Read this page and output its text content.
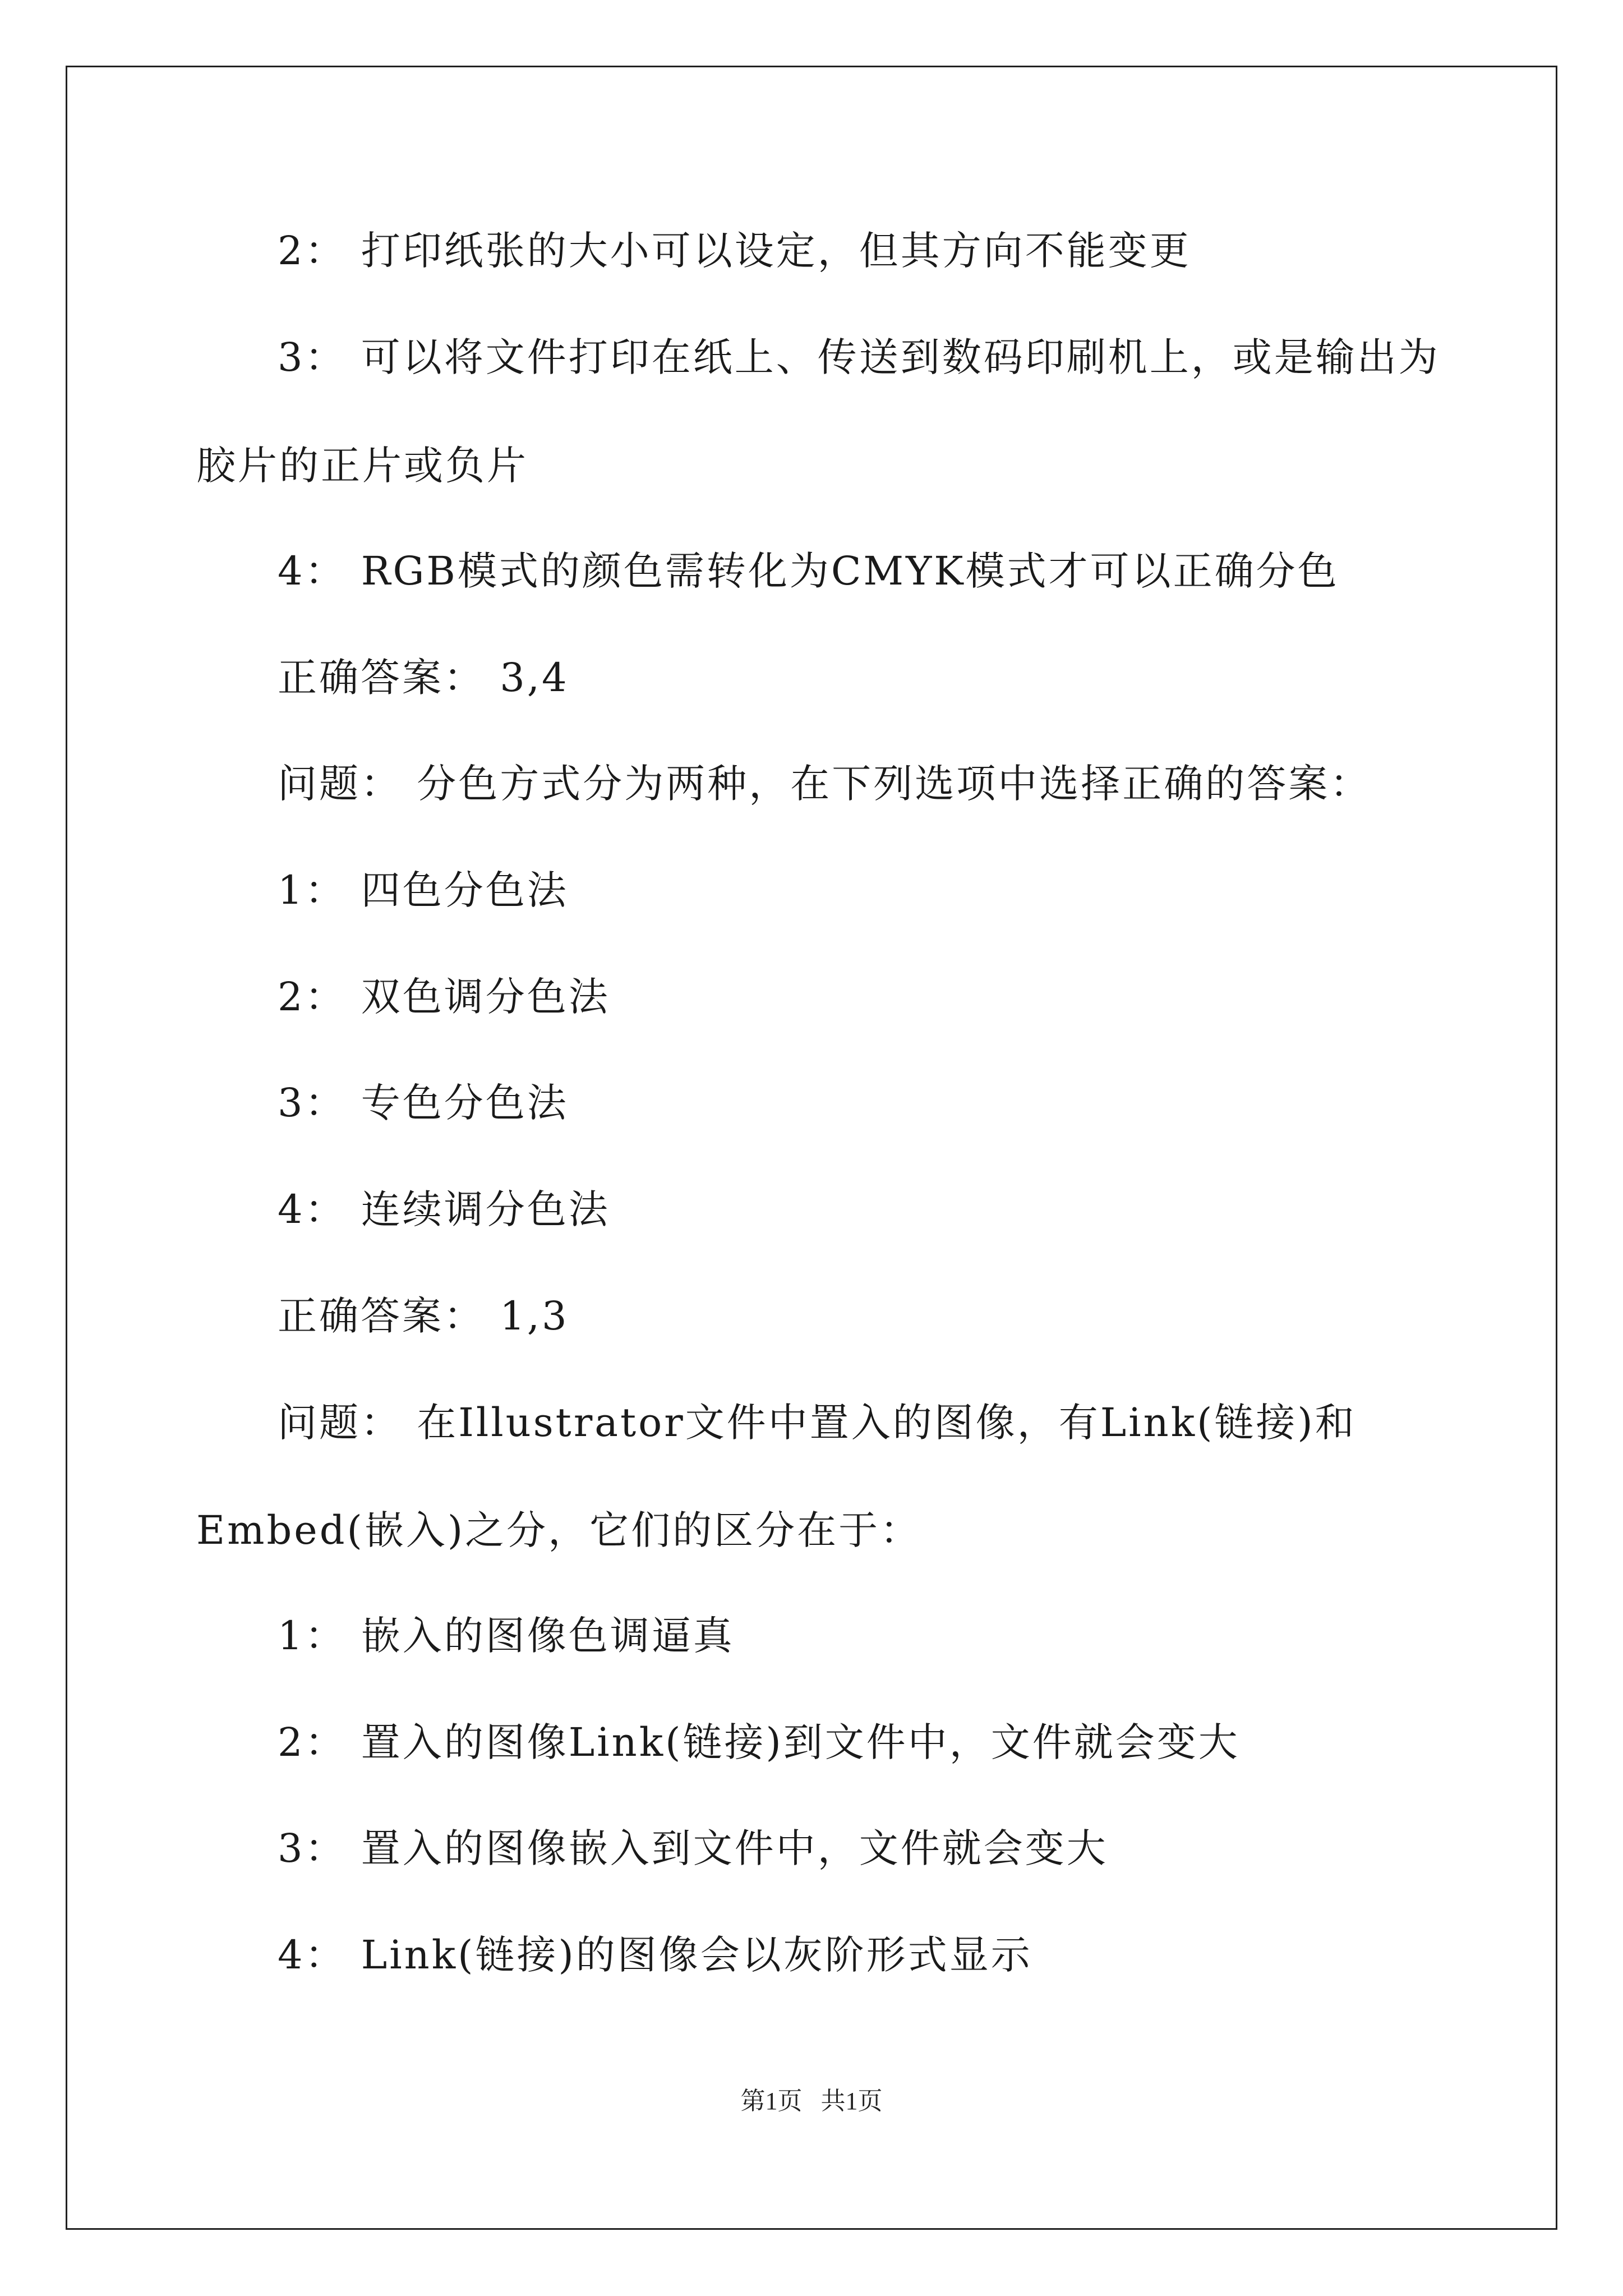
2： 打印纸张的大小可以设定，但其方向不能变更
3： 可以将文件打印在纸上、传送到数码印刷机上，或是输出为
胶片的正片或负片
4： RGB模式的颜色需转化为CMYK模式才可以正确分色
正确答案： 3,4
问题： 分色方式分为两种，在下列选项中选择正确的答案：
1： 四色分色法
2： 双色调分色法
3： 专色分色法
4： 连续调分色法
正确答案： 1,3
问题： 在Illustrator文件中置入的图像，有Link(链接)和
Embed(嵌入)之分，它们的区分在于：
1： 嵌入的图像色调逼真
2： 置入的图像Link(链接)到文件中，文件就会变大
3： 置入的图像嵌入到文件中，文件就会变大
4： Link(链接)的图像会以灰阶形式显示
第1页   共1页
